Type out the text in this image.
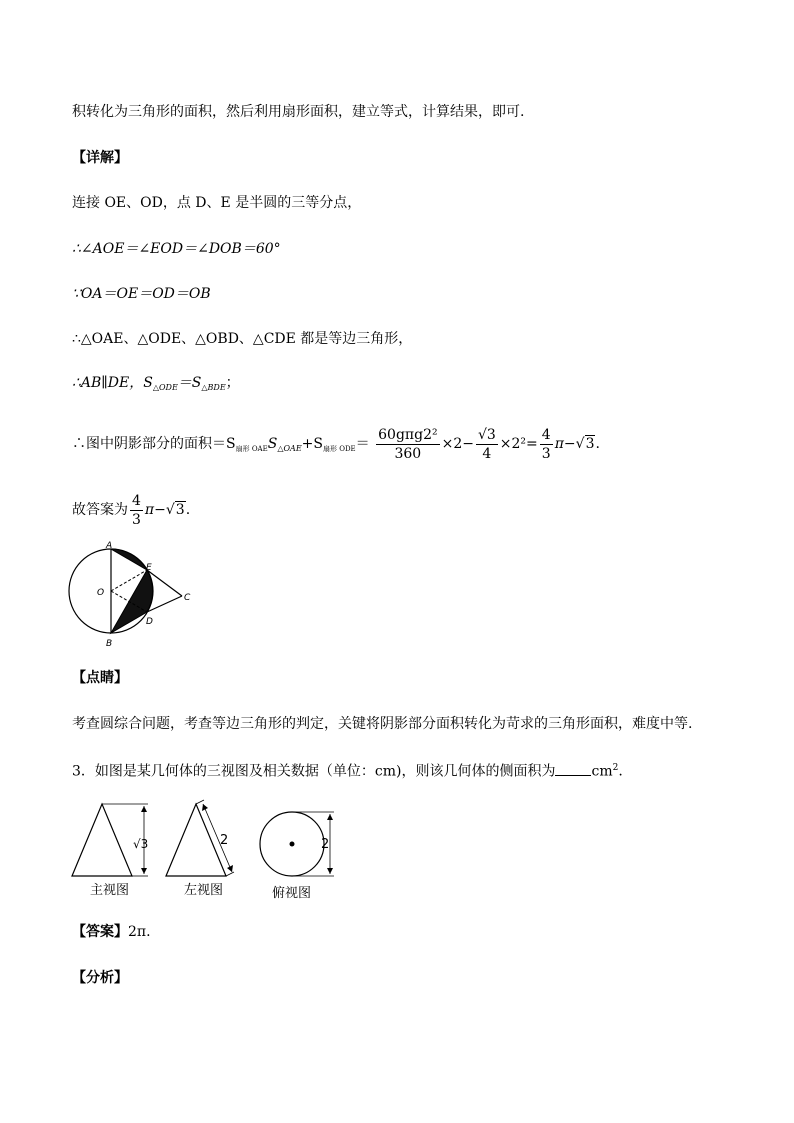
积转化为三角形的面积，然后利用扇形面积，建立等式，计算结果，即可.
【详解】
连接 OE、OD，点 D、E 是半圆的三等分点，
∴∠AOE＝∠EOD＝∠DOB＝60°
∵OA＝OE＝OD＝OB
∴△OAE、△ODE、△OBD、△CDE 都是等边三角形，
∴AB∥DE，$S_{\triangle ODE}=S_{\triangle BDE}$；
∴图中阴影部分的面积$=S_{扇形 OAE}S_{\triangle OAE}+S_{扇形 ODE}= \frac{\text{60gπg2²}}{360} \times 2- \frac{√3}{4} \times 2^2= \frac{4}{3} \pi-√3$.
故答案为 $\frac{4}{3} \pi-√3$.
A
E
O	C
D
B
【点睛】
考查圆综合问题，考查等边三角形的判定，关键将阴影部分面积转化为苛求的三角形面积，难度中等.
3．如图是某几何体的三视图及相关数据（单位：cm)，则该几何体的侧面积为	$cm^2$.
√3
主视图
2
左视图
2
俯视图
【答案】2π.
【分析】
